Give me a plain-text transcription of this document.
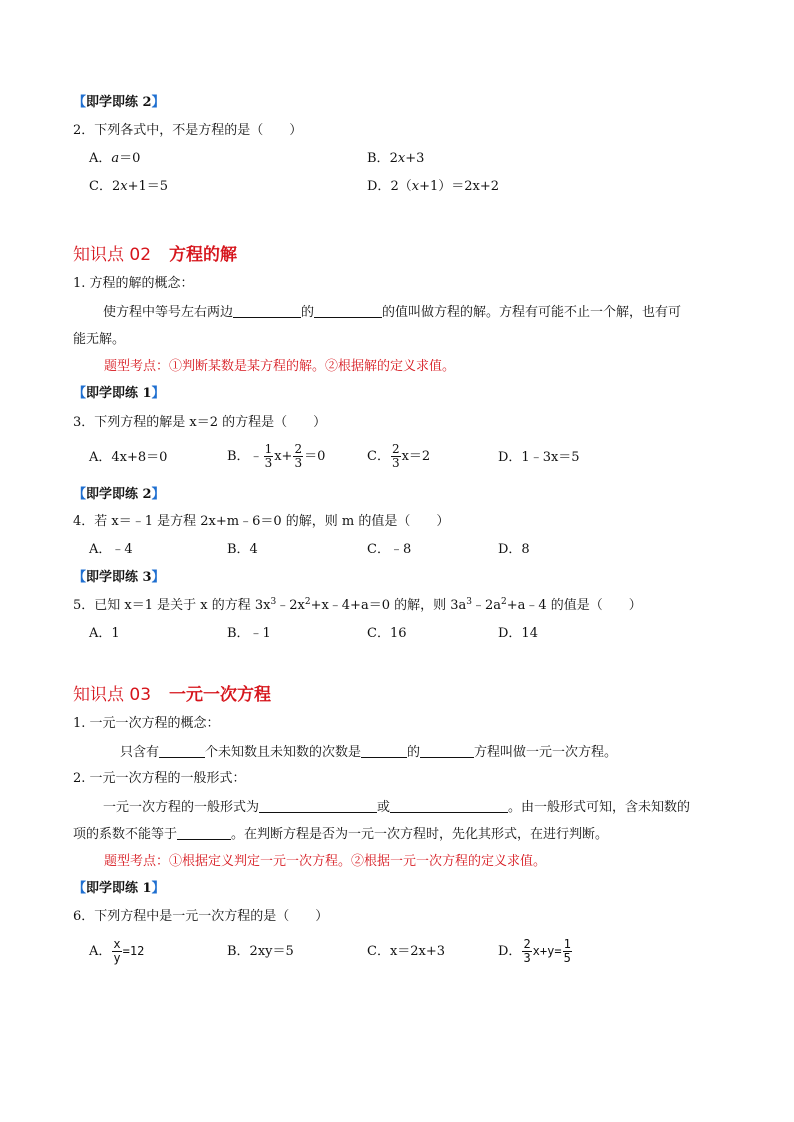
【即学即练 2】
2．下列各式中，不是方程的是（　　）
A．a＝0	B．2x+3
C．2x+1＝5	D．2（x+1）＝2x+2
知识点 02 方程的解
1. 方程的解的概念：
使方程中等号左右两边	的	的值叫做方程的解。方程有可能不止一个解，也有可
能无解。
题型考点：①判断某数是某方程的解。②根据解的定义求值。
【即学即练 1】
3．下列方程的解是 x＝2 的方程是（　　）
A．4x+8＝0	B．﹣ $\frac{1}{3} x+ \frac{2}{3} =0$	C． $\frac{2}{3} x=2$	D．1﹣3x＝5
【即学即练 2】
4．若 x＝﹣1 是方程 2x+m﹣6＝0 的解，则 m 的值是（　　）
A．﹣4	B．4	C．﹣8	D．8
【即学即练 3】
5．已知 x＝1 是关于 x 的方程 $3x^3﹣2x^2+x﹣4+a=0$ 的解，则 $3a^3﹣2a^2+a﹣4$ 的值是（　　）
A．1	B．﹣1	C．16	D．14
知识点 03 一元一次方程
1. 一元一次方程的概念：
只含有	个未知数且未知数的次数是	的	方程叫做一元一次方程。
2. 一元一次方程的一般形式：
一元一次方程的一般形式为	或	。由一般形式可知，含未知数的
项的系数不能等于	。在判断方程是否为一元一次方程时，先化其形式，在进行判断。
题型考点：①根据定义判定一元一次方程。②根据一元一次方程的定义求值。
【即学即练 1】
6．下列方程中是一元一次方程的是（　　）
A． $\frac{x}{y} =12$	B．2xy＝5	C．x＝2x+3	D． $\frac{2}{3} x+y= \frac{1}{5}$
